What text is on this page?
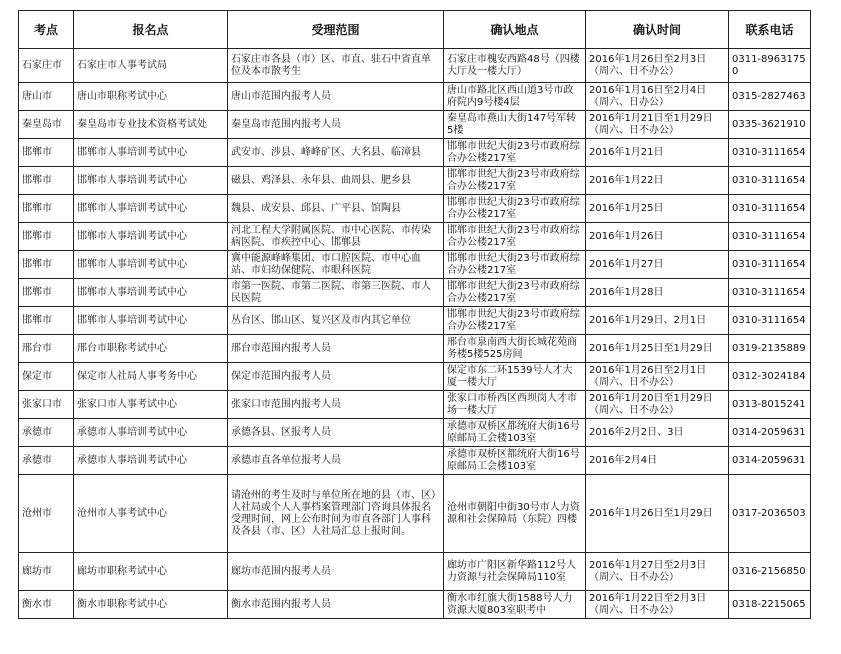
考点	报名点	受理范围	确认地点	确认时间	联系电话
石家庄市	石家庄市人事考试局	石家庄市各县（市）区、市直、驻石中省直单位及本市散考生	石家庄市槐安西路48号（四楼大厅及一楼大厅）	2016年1月26日至2月3日（周六、日不办公）	0311-89631750
唐山市	唐山市职称考试中心	唐山市范围内报考人员	唐山市路北区西山道3号市政府院内9号楼4层	2016年1月16日至2月4日（周六、日办公）	0315-2827463
秦皇岛市	秦皇岛市专业技术资格考试处	秦皇岛市范围内报考人员	秦皇岛市燕山大街147号军转5楼	2016年1月21日至1月29日（周六、日不办公）	0335-3621910
邯郸市	邯郸市人事培训考试中心	武安市、涉县、峰峰矿区、大名县、临漳县	邯郸市世纪大街23号市政府综合办公楼217室	2016年1月21日	0310-3111654
邯郸市	邯郸市人事培训考试中心	磁县、鸡泽县、永年县、曲周县、肥乡县	邯郸市世纪大街23号市政府综合办公楼217室	2016年1月22日	0310-3111654
邯郸市	邯郸市人事培训考试中心	魏县、成安县、邱县、广平县、馆陶县	邯郸市世纪大街23号市政府综合办公楼217室	2016年1月25日	0310-3111654
邯郸市	邯郸市人事培训考试中心	河北工程大学附属医院、市中心医院、市传染病医院、市疾控中心、邯郸县	邯郸市世纪大街23号市政府综合办公楼217室	2016年1月26日	0310-3111654
邯郸市	邯郸市人事培训考试中心	冀中能源峰峰集团、市口腔医院、市中心血站、市妇幼保健院、市眼科医院	邯郸市世纪大街23号市政府综合办公楼217室	2016年1月27日	0310-3111654
邯郸市	邯郸市人事培训考试中心	市第一医院、市第二医院、市第三医院、市人民医院	邯郸市世纪大街23号市政府综合办公楼217室	2016年1月28日	0310-3111654
邯郸市	邯郸市人事培训考试中心	丛台区、邯山区、复兴区及市内其它单位	邯郸市世纪大街23号市政府综合办公楼217室	2016年1月29日、2月1日	0310-3111654
邢台市	邢台市职称考试中心	邢台市范围内报考人员	邢台市泉南西大街长城花苑商务楼5楼525房间	2016年1月25日至1月29日	0319-2135889
保定市	保定市人社局人事考务中心	保定市范围内报考人员	保定市东二环1539号人才大厦一楼大厅	2016年1月26日至2月1日（周六、日不办公）	0312-3024184
张家口市	张家口市人事考试中心	张家口市范围内报考人员	张家口市桥西区西坝岗人才市场一楼大厅	2016年1月20日至1月29日（周六、日不办公）	0313-8015241
承德市	承德市人事培训考试中心	承德各县、区报考人员	承德市双桥区都统府大街16号原邮局工会楼103室	2016年2月2日、3日	0314-2059631
承德市	承德市人事培训考试中心	承德市直各单位报考人员	承德市双桥区都统府大街16号原邮局工会楼103室	2016年2月4日	0314-2059631
沧州市	沧州市人事考试中心	请沧州的考生及时与单位所在地的县（市、区）人社局或个人人事档案管理部门咨询具体报名受理时间，网上公布时间为市直各部门人事科及各县（市、区）人社局汇总上报时间。	沧州市朝阳中街30号市人力资源和社会保障局（东院）四楼	2016年1月26日至1月29日	0317-2036503
廊坊市	廊坊市职称考试中心	廊坊市范围内报考人员	廊坊市广阳区新华路112号人力资源与社会保障局110室	2016年1月27日至2月3日（周六、日不办公）	0316-2156850
衡水市	衡水市职称考试中心	衡水市范围内报考人员	衡水市红旗大街1588号人力资源大厦803室职考中	2016年1月22日至2月3日（周六、日不办公）	0318-2215065
